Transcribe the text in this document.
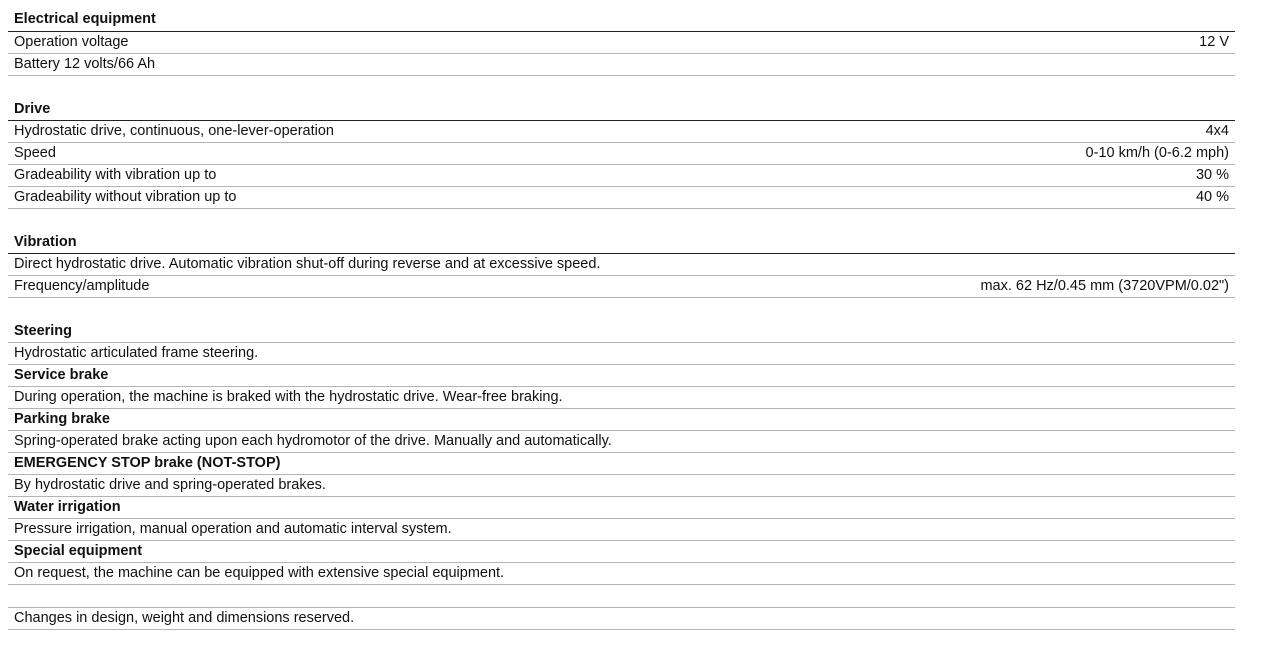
Electrical equipment
Operation voltage	12 V
Battery 12 volts/66 Ah
Drive
Hydrostatic drive, continuous, one-lever-operation	4x4
Speed	0-10 km/h (0-6.2 mph)
Gradeability with vibration up to	30 %
Gradeability without vibration up to	40 %
Vibration
Direct hydrostatic drive. Automatic vibration shut-off during reverse and at excessive speed.
Frequency/amplitude	max. 62 Hz/0.45 mm (3720VPM/0.02")
Steering
Hydrostatic articulated frame steering.
Service brake
During operation, the machine is braked with the hydrostatic drive. Wear-free braking.
Parking brake
Spring-operated brake acting upon each hydromotor of the drive. Manually and automatically.
EMERGENCY STOP brake (NOT-STOP)
By hydrostatic drive and spring-operated brakes.
Water irrigation
Pressure irrigation, manual operation and automatic interval system.
Special equipment
On request, the machine can be equipped with extensive special equipment.
Changes in design, weight and dimensions reserved.
